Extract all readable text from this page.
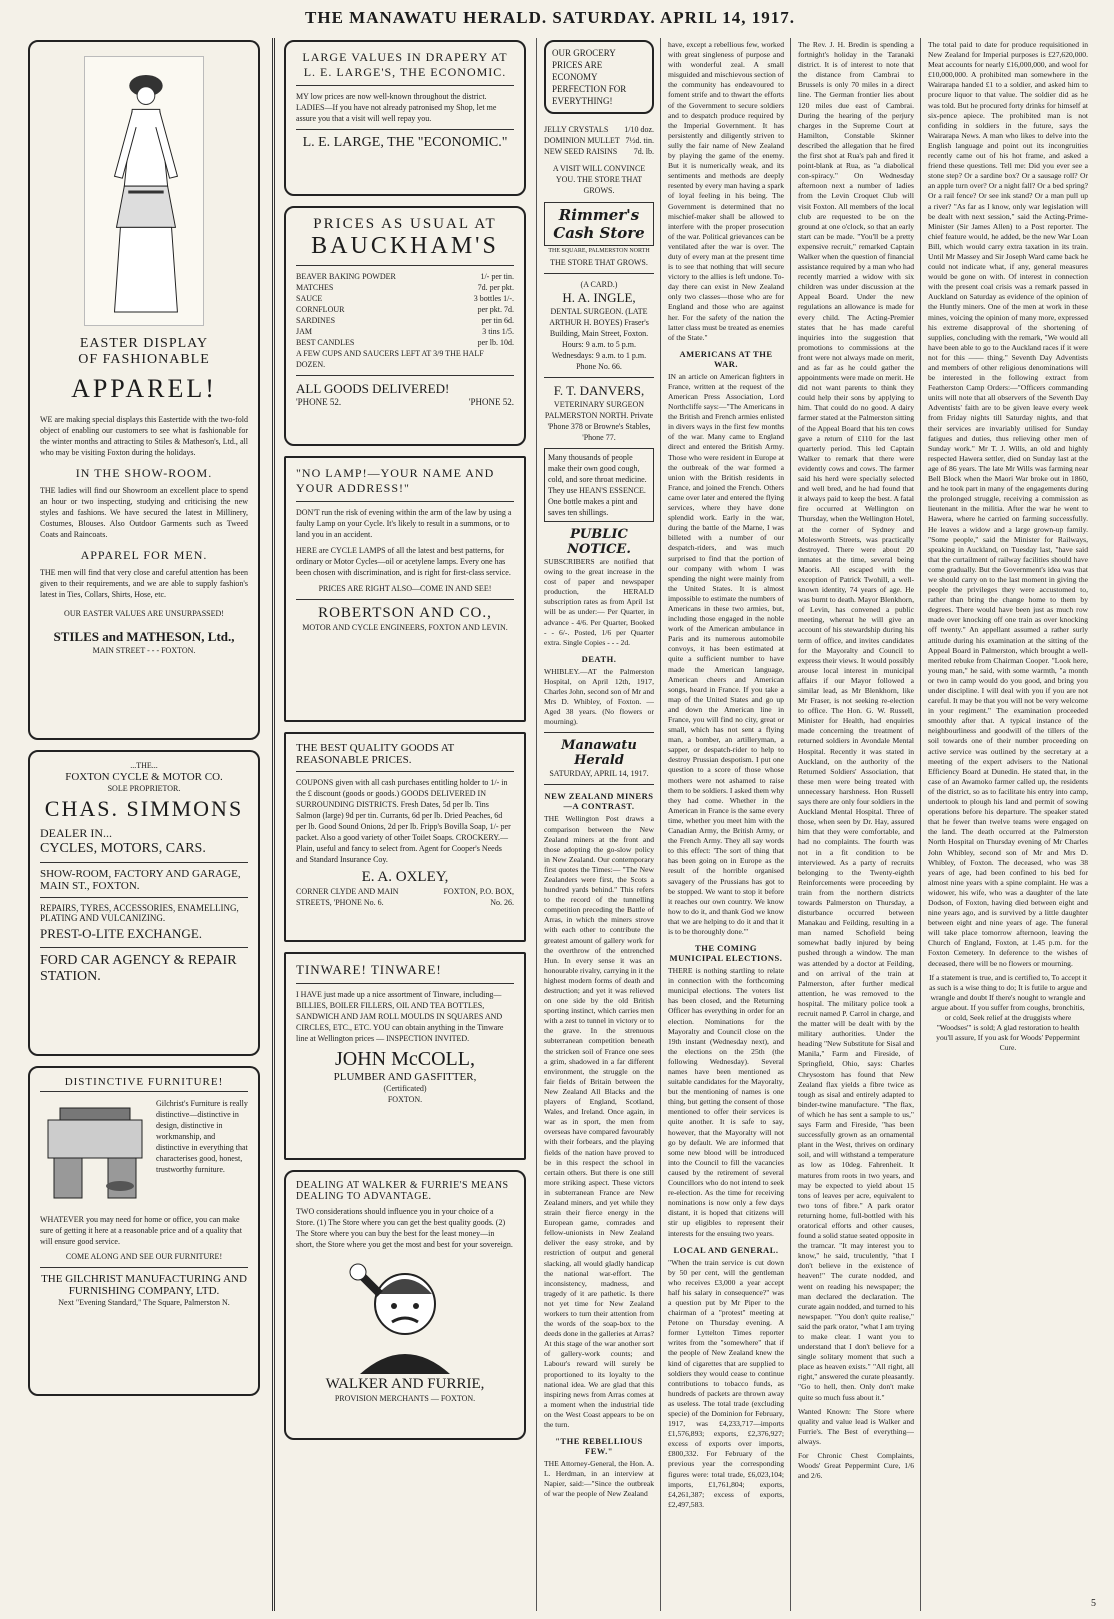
THE MANAWATU HERALD. SATURDAY. APRIL 14, 1917.
EASTER DISPLAY
OF FASHIONABLE
APPAREL!
WE are making special displays this Eastertide with the two-fold object of enabling our customers to see what is fashionable for the winter months and attracting to Stiles & Matheson's, Ltd., all who may be visiting Foxton during the holidays.
IN THE SHOW-ROOM.
THE ladies will find our Showroom an excellent place to spend an hour or two inspecting, studying and criticising the new styles and fashions. We have secured the latest in Millinery, Costumes, Blouses. Also Outdoor Garments such as Tweed Coats and Raincoats.
APPAREL FOR MEN.
THE men will find that very close and careful attention has been given to their requirements, and we are able to supply fashion's latest in Ties, Collars, Shirts, Hose, etc.
OUR EASTER VALUES ARE UNSURPASSED!
STILES and MATHESON, Ltd.,
MAIN STREET - - - FOXTON.
...THE...
FOXTON CYCLE & MOTOR CO.
SOLE PROPRIETOR.
CHAS. SIMMONS
DEALER IN...
CYCLES, MOTORS, CARS.
SHOW-ROOM, FACTORY AND GARAGE, MAIN ST., FOXTON.
REPAIRS, TYRES, ACCESSORIES, ENAMELLING, PLATING AND VULCANIZING.
PREST-O-LITE EXCHANGE.
FORD CAR AGENCY & REPAIR STATION.
DISTINCTIVE FURNITURE!
Gilchrist's Furniture is really distinctive—distinctive in design, distinctive in workmanship, and distinctive in everything that characterises good, honest, trustworthy furniture.
WHATEVER you may need for home or office, you can make sure of getting it here at a reasonable price and of a quality that will ensure good service.
COME ALONG AND SEE OUR FURNITURE!
THE GILCHRIST MANUFACTURING AND FURNISHING COMPANY, LTD.
Next "Evening Standard," The Square, Palmerston N.
LARGE VALUES IN DRAPERY AT L. E. LARGE'S, THE ECONOMIC.
MY low prices are now well-known throughout the district. LADIES—If you have not already patronised my Shop, let me assure you that a visit will well repay you.
L. E. LARGE, THE "ECONOMIC."
PRICES AS USUAL AT
BAUCKHAM'S
BEAVER BAKING POWDER	1/- per tin.
MATCHES	7d. per pkt.
SAUCE	3 bottles 1/-.
CORNFLOUR	per pkt. 7d.
SARDINES	per tin 6d.
JAM	3 tins 1/5.
BEST CANDLES	per lb. 10d.
A FEW CUPS AND SAUCERS LEFT AT 3/9 THE HALF DOZEN.
ALL GOODS DELIVERED!
'PHONE 52.	'PHONE 52.
"NO LAMP!—YOUR NAME AND YOUR ADDRESS!"
DON'T run the risk of evening within the arm of the law by using a faulty Lamp on your Cycle. It's likely to result in a summons, or to land you in an accident.
HERE are CYCLE LAMPS of all the latest and best patterns, for ordinary or Motor Cycles—oil or acetylene lamps. Every one has been chosen with discrimination, and is right for first-class service.
PRICES ARE RIGHT ALSO—COME IN AND SEE!
ROBERTSON AND CO.,
MOTOR AND CYCLE ENGINEERS, FOXTON AND LEVIN.
THE BEST QUALITY GOODS AT REASONABLE PRICES.
COUPONS given with all cash purchases entitling holder to 1/- in the £ discount (goods or goods.) GOODS DELIVERED IN SURROUNDING DISTRICTS. Fresh Dates, 5d per lb. Tins Salmon (large) 9d per tin. Currants, 6d per lb. Dried Peaches, 6d per lb. Good Sound Onions, 2d per lb. Fripp's Bovilla Soap, 1/- per packet. Also a good variety of other Toilet Soaps. CROCKERY.—Plain, useful and fancy to select from. Agent for Cooper's Needs and Standard Insurance Coy.
E. A. OXLEY,
CORNER CLYDE AND MAIN STREETS, 'PHONE No. 6.
FOXTON, P.O. BOX, No. 26.
TINWARE! TINWARE!
I HAVE just made up a nice assortment of Tinware, including— BILLIES, BOILER FILLERS, OIL AND TEA BOTTLES, SANDWICH AND JAM ROLL MOULDS IN SQUARES AND CIRCLES, ETC., ETC. YOU can obtain anything in the Tinware line at Wellington prices — INSPECTION INVITED.
JOHN McCOLL,
PLUMBER AND GASFITTER,
(Certificated)
FOXTON.
DEALING AT WALKER & FURRIE'S MEANS DEALING TO ADVANTAGE.
TWO considerations should influence you in your choice of a Store. (1) The Store where you can get the best quality goods. (2) The Store where you can buy the best for the least money—in short, the Store where you get the most and best for your sovereign.
WALKER AND FURRIE,
PROVISION MERCHANTS — FOXTON.
OUR GROCERY PRICES ARE ECONOMY PERFECTION FOR EVERYTHING!
JELLY CRYSTALS 1/10 doz.
DOMINION MULLET 7½d. tin.
NEW SEED RAISINS 7d. lb.
A VISIT WILL CONVINCE YOU. THE STORE THAT GROWS.
Rimmer's Cash Store
THE SQUARE, PALMERSTON NORTH
THE STORE THAT GROWS.
(A CARD.)
H. A. INGLE,
DENTAL SURGEON. (LATE ARTHUR H. BOYES) Fraser's Building, Main Street, Foxton. Hours: 9 a.m. to 5 p.m. Wednesdays: 9 a.m. to 1 p.m. Phone No. 66.
F. T. DANVERS,
VETERINARY SURGEON PALMERSTON NORTH. Private 'Phone 378 or Browne's Stables, 'Phone 77.
Many thousands of people make their own good cough, cold, and sore throat medicine. They use HEAN'S ESSENCE. One bottle makes a pint and saves ten shillings.
PUBLIC NOTICE.
SUBSCRIBERS are notified that owing to the great increase in the cost of paper and newspaper production, the HERALD subscription rates as from April 1st will be as under:— Per Quarter, in advance - 4/6. Per Quarter, Booked - - 6/-. Posted, 1/6 per Quarter extra. Single Copies - - - 2d.
DEATH.
WHIBLEY.—AT the Palmerston Hospital, on April 12th, 1917, Charles John, second son of Mr and Mrs D. Whibley, of Foxton. —Aged 38 years. (No flowers or mourning).
Manawatu Herald
SATURDAY, APRIL 14, 1917.
NEW ZEALAND MINERS—A CONTRAST.
THE Wellington Post draws a comparison between the New Zealand miners at the front and those adopting the go-slow policy in New Zealand. Our contemporary first quotes the Times:— "The New Zealanders were first, the Scots a hundred yards behind." This refers to the record of the tunnelling competition preceding the Battle of Arras, in which the miners strove with each other to contribute the greatest amount of gallery work for the overthrow of the entrenched Hun. In every sense it was an honourable rivalry, carrying in it the highest modern forms of death and destruction; and yet it was relieved on one side by the old British sporting instinct, which carries men with a zest to tunnel in victory or to the grave. In the strenuous subterranean competition beneath the stricken soil of France one sees a grim, shadowed in a far different environment, the struggle on the fair fields of Britain between the New Zealand All Blacks and the players of England, Scotland, Wales, and Ireland. Once again, in war as in sport, the men from overseas have compared favourably with their forbears, and the playing fields of the nation have proved to be in this respect the school in certain others. But there is one still more striking aspect. These victors in subterranean France are New Zealand miners, and yet while they strain their fierce energy in the European game, comrades and fellow-unionists in New Zealand deliver the easy stroke, and by restriction of output and general slacking, all would gladly handicap the national war-effort. The inconsistency, madness, and tragedy of it are pathetic. Is there not yet time for New Zealand workers to turn their attention from the words of the soap-box to the deeds done in the galleries at Arras? At this stage of the war another sort of gallery-work counts; and Labour's reward will surely be proportioned to its loyalty to the national idea. We are glad that this inspiring news from Arras comes at a moment when the industrial tide on the West Coast appears to be on the turn.
"THE REBELLIOUS FEW."
THE Attorney-General, the Hon. A. L. Herdman, in an interview at Napier, said:—"Since the outbreak of war the people of New Zealand
have, except a rebellious few, worked with great singleness of purpose and with wonderful zeal. A small misguided and mischievous section of the community has endeavoured to foment strife and to thwart the efforts of the Government to secure soldiers and to despatch produce required by the Imperial Government. It has persistently and diligently striven to sully the fair name of New Zealand by playing the game of the enemy. But it is numerically weak, and its sentiments and methods are deeply resented by every man having a spark of loyal feeling in his being. The Government is determined that no mischief-maker shall be allowed to interfere with the proper prosecution of the war. Political grievances can be ventilated after the war is over. The duty of every man at the present time is to see that nothing that will secure victory to the allies is left undone. To-day there can exist in New Zealand only two classes—those who are for England and those who are against her. For the safety of the nation the latter class must be treated as enemies of the State."
AMERICANS AT THE WAR.
IN an article on American fighters in France, written at the request of the American Press Association, Lord Northcliffe says:—"The Americans in the British and French armies enlisted in divers ways in the first few months of the war. Many came to England direct and entered the British Army. Those who were resident in Europe at the outbreak of the war formed a union with the British residents in France, and joined the French. Others came over later and entered the flying services, where they have done splendid work. Early in the war, during the battle of the Marne, I was billeted with a number of our despatch-riders, and was much surprised to find that the portion of our company with whom I was spending the night were mainly from the United States. It is almost impossible to estimate the numbers of Americans in these two armies, but, including those engaged in the noble work of the American ambulance in Paris and its numerous automobile convoys, it has been estimated at quite a sufficient number to have made the American language, American cheers and American songs, heard in France. If you take a map of the United States and go up and down the American line in France, you will find no city, great or small, which has not sent a flying man, a bomber, an artilleryman, a sapper, or despatch-rider to help to destroy Prussian despotism. I put one question to a score of those whose mothers were not ashamed to raise them to be soldiers. I asked them why they had come. Whether in the American in France is the same every time, whether you meet him with the Canadian Army, the British Army, or the French Army. They all say words to this effect: 'The sort of thing that has been going on in Europe as the result of the horrible organised savagery of the Prussians has got to be stopped. We want to stop it before it reaches our own country. We know how to do it, and thank God we know that we are helping to do it and that it is to be thoroughly done.'"
THE COMING MUNICIPAL ELECTIONS.
THERE is nothing startling to relate in connection with the forthcoming municipal elections. The voters list has been closed, and the Returning Officer has everything in order for an election. Nominations for the Mayoralty and Council close on the 19th instant (Wednesday next), and the elections on the 25th (the following Wednesday). Several names have been mentioned as suitable candidates for the Mayoralty, but the mentioning of names is one thing, but getting the consent of those mentioned to offer their services is quite another. It is safe to say, however, that the Mayoralty will not go by default. We are informed that some new blood will be introduced into the Council to fill the vacancies caused by the retirement of several Councillors who do not intend to seek re-election. As the time for receiving nominations is now only a few days distant, it is hoped that citizens will stir up eligibles to represent their interests for the ensuing two years.
LOCAL AND GENERAL.
"When the train service is cut down by 50 per cent, will the gentleman who receives £3,000 a year accept half his salary in consequence?" was a question put by Mr Piper to the chairman of a "protest" meeting at Petone on Thursday evening. A former Lyttelton Times reporter writes from the "somewhere" that if the people of New Zealand knew the kind of cigarettes that are supplied to soldiers they would cease to continue contributions to tobacco funds, as hundreds of packets are thrown away as useless. The total trade (excluding specie) of the Dominion for February, 1917, was £4,233,717—imports £1,576,893; exports, £2,376,927; excess of exports over imports, £800,332. For February of the previous year the corresponding figures were: total trade, £6,023,104; imports, £1,761,804; exports, £4,261,387; excess of exports, £2,497,583.
The Rev. J. H. Bredin is spending a fortnight's holiday in the Taranaki district. It is of interest to note that the distance from Cambrai to Brussels is only 70 miles in a direct line. The German frontier lies about 120 miles due east of Cambrai. During the hearing of the perjury charges in the Supreme Court at Hamilton, Constable Skinner described the allegation that he fired the first shot at Rua's pah and fired it point-blank at Rua, as "a diabolical con-spiracy." On Wednesday afternoon next a number of ladies from the Levin Croquet Club will visit Foxton. All members of the local club are requested to be on the ground at one o'clock, so that an early start can be made. "You'll be a pretty expensive recruit," remarked Captain Walker when the question of financial assistance required by a man who had recently married a widow with six children was under discussion at the Appeal Board. Under the new regulations an allowance is made for every child. The Acting-Premier states that he has made careful inquiries into the suggestion that promotions to commissions at the front were not always made on merit, and as far as he could gather the appointments were made on merit. He did not want parents to think they could help their sons by applying to him. That could do no good. A dairy farmer stated at the Palmerston sitting of the Appeal Board that his ten cows gave a return of £110 for the last quarterly period. This led Captain Walker to remark that there were evidently cows and cows. The farmer said his herd were specially selected and well bred, and he had found that it always paid to keep the best. A fatal fire occurred at Wellington on Thursday, when the Wellington Hotel, at the corner of Sydney and Molesworth Streets, was practically destroyed. There were about 20 inmates at the time, several being Maoris. All escaped with the exception of Patrick Twohill, a well-known identity, 74 years of age. He was burnt to death. Mayor Blenkhorn, of Levin, has convened a public meeting, whereat he will give an account of his stewardship during his term of office, and invites candidates for the Mayoralty and Council to express their views. It would possibly arouse local interest in municipal affairs if our Mayor followed a similar lead, as Mr Blenkhorn, like Mr Fraser, is not seeking re-election to office. The Hon. G. W. Russell, Minister for Health, had enquiries made concerning the treatment of returned soldiers in Avondale Mental Hospital. Recently it was stated in Auckland, on the authority of the Returned Soldiers' Association, that these men were being treated with unnecessary harshness. Hon Russell says there are only four soldiers in the Auckland Mental Hospital. Three of those, when seen by Dr. Hay, assured him that they were comfortable, and had no complaints. The fourth was not in a fit condition to be interviewed. As a party of recruits belonging to the Twenty-eighth Reinforcements were proceeding by train from the northern districts towards Palmerston on Thursday, a disturbance occurred between Manakau and Feilding, resulting in a man named Schofield being somewhat badly injured by being pushed through a window. The man was attended by a doctor at Feilding, and on arrival of the train at Palmerston, after further medical attention, he was removed to the hospital. The military police took a recruit named P. Carrol in charge, and the matter will be dealt with by the military authorities. Under the heading "New Substitute for Sisal and Manila," Farm and Fireside, of Springfield, Ohio, says: Charles Chrysostom has found that New Zealand flax yields a fibre twice as tough as sisal and entirely adapted to binder-twine manufacture. "The flax, of which he has sent a sample to us," says Farm and Fireside, "has been successfully grown as an ornamental plant in the West, thrives on ordinary soil, and will withstand a temperature as low as 10deg. Fahrenheit. It matures from roots in two years, and may be expected to yield about 15 tons of leaves per acre, equivalent to two tons of fibre." A park orator returning home, full-bottled with his oratorical efforts and other causes, found a solid statue seated opposite in the tramcar. "It may interest you to know," he said, truculently, "that I don't believe in the existence of heaven!" The curate nodded, and went on reading his newspaper; the man declared the declaration. The curate again nodded, and turned to his newspaper. "You don't quite realise," said the park orator, "what I am trying to make clear. I want you to understand that I don't believe for a single solitary moment that such a place as heaven exists." "All right, all right," answered the curate pleasantly. "Go to hell, then. Only don't make quite so much fuss about it."
Wanted Known: The Store where quality and value lead is Walker and Furrie's. The Best of everything—always.
For Chronic Chest Complaints, Woods' Great Peppermint Cure, 1/6 and 2/6.
The total paid to date for produce requisitioned in New Zealand for Imperial purposes is £27,620,000. Meat accounts for nearly £16,000,000, and wool for £10,000,000. A prohibited man somewhere in the Wairarapa handed £1 to a soldier, and asked him to procure liquor to that value. The soldier did as he was told. But he procured forty drinks for himself at six-pence apiece. The prohibited man is not confiding in soldiers in the future, says the Wairarapa News. A man who likes to delve into the English language and point out its incongruities recently came out of his hot frame, and asked a friend these questions. Tell me: Did you ever see a stone step? Or a sardine box? Or a sausage roll? Or an apple turn over? Or a night fall? Or a bed spring? Or a rail fence? Or see ink stand? Or a man pull up a river? "As far as I know, only war legislation will be dealt with next session," said the Acting-Prime-Minister (Sir James Allen) to a Post reporter. The chief feature would, he added, be the new War Loan Bill, which would carry extra taxation in its train. Until Mr Massey and Sir Joseph Ward came back he could not indicate what, if any, general measures would be gone on with. Of interest in connection with the present coal crisis was a remark passed in Auckland on Saturday as evidence of the opinion of the Huntly miners. One of the men at work in these mines, voicing the opinion of many more, expressed his extreme disapproval of the shortening of supplies, concluding with the remark, "We would all have been able to go to the Auckland races if it were not for this —— thing." Seventh Day Adventists and members of other religious denominations will be interested in the following extract from Featherston Camp Orders:—"Officers commanding units will note that all observers of the Seventh Day Adventists' faith are to be given leave every week from Friday nights till Saturday nights, and that their services are invariably utilised for Sunday fatigues and duties, thus relieving other men of Sunday work." Mr T. J. Wills, an old and highly respected Hawera settler, died on Sunday last at the age of 86 years. The late Mr Wills was farming near Bell Block when the Maori War broke out in 1860, and he took part in many of the engagements during the prolonged struggle, receiving a commission as lieutenant in the militia. After the war he went to Hawera, where he carried on farming successfully. He leaves a widow and a large grown-up family. "Some people," said the Minister for Railways, speaking in Auckland, on Tuesday last, "have said that the curtailment of railway facilities should have come gradually. But the Government's idea was that we should carry on to the last moment in giving the people the privileges they were accustomed to, rather than bring the change home to them by degrees. There would have been just as much row made over knocking off one train as over knocking off twenty." An appellant assumed a rather surly attitude during his examination at the sitting of the Appeal Board in Palmerston, which brought a well-merited rebuke from Chairman Cooper. "Look here, young man," he said, with some warmth, "a month or two in camp would do you good, and bring you under discipline. I will deal with you if you are not careful. It may be that you will not be very welcome in your regiment." The examination proceeded smoothly after that. A typical instance of the neighbourliness and goodwill of the tillers of the soil towards one of their number proceeding on active service was outlined by the secretary at a meeting of the expert advisers to the National Efficiency Board at Dunedin. He stated that, in the case of an Awamoko farmer called up, the residents of the district, so as to facilitate his entry into camp, undertook to plough his land and permit of sowing operations before his departure. The speaker stated that he fewer than twelve teams were engaged on the land. The death occurred at the Palmerston North Hospital on Thursday evening of Mr Charles John Whibley, second son of Mr and Mrs D. Whibley, of Foxton. The deceased, who was 38 years of age, had been confined to his bed for almost nine years with a spine complaint. He was a widower, his wife, who was a daughter of the late Dodson, of Foxton, having died between eight and nine years ago, and is survived by a little daughter between eight and nine years of age. The funeral will take place tomorrow afternoon, leaving the Church of England, Foxton, at 1.45 p.m. for the Foxton Cemetery. In deference to the wishes of deceased, there will be no flowers or mourning.
If a statement is true, and is certified to, To accept it as such is a wise thing to do; It is futile to argue and wrangle and doubt If there's nought to wrangle and argue about. If you suffer from coughs, bronchitis, or cold, Seek relief at the druggists where "Woodses'" is sold; A glad restoration to health you'll assure, If you ask for Woods' Peppermint Cure.
5
